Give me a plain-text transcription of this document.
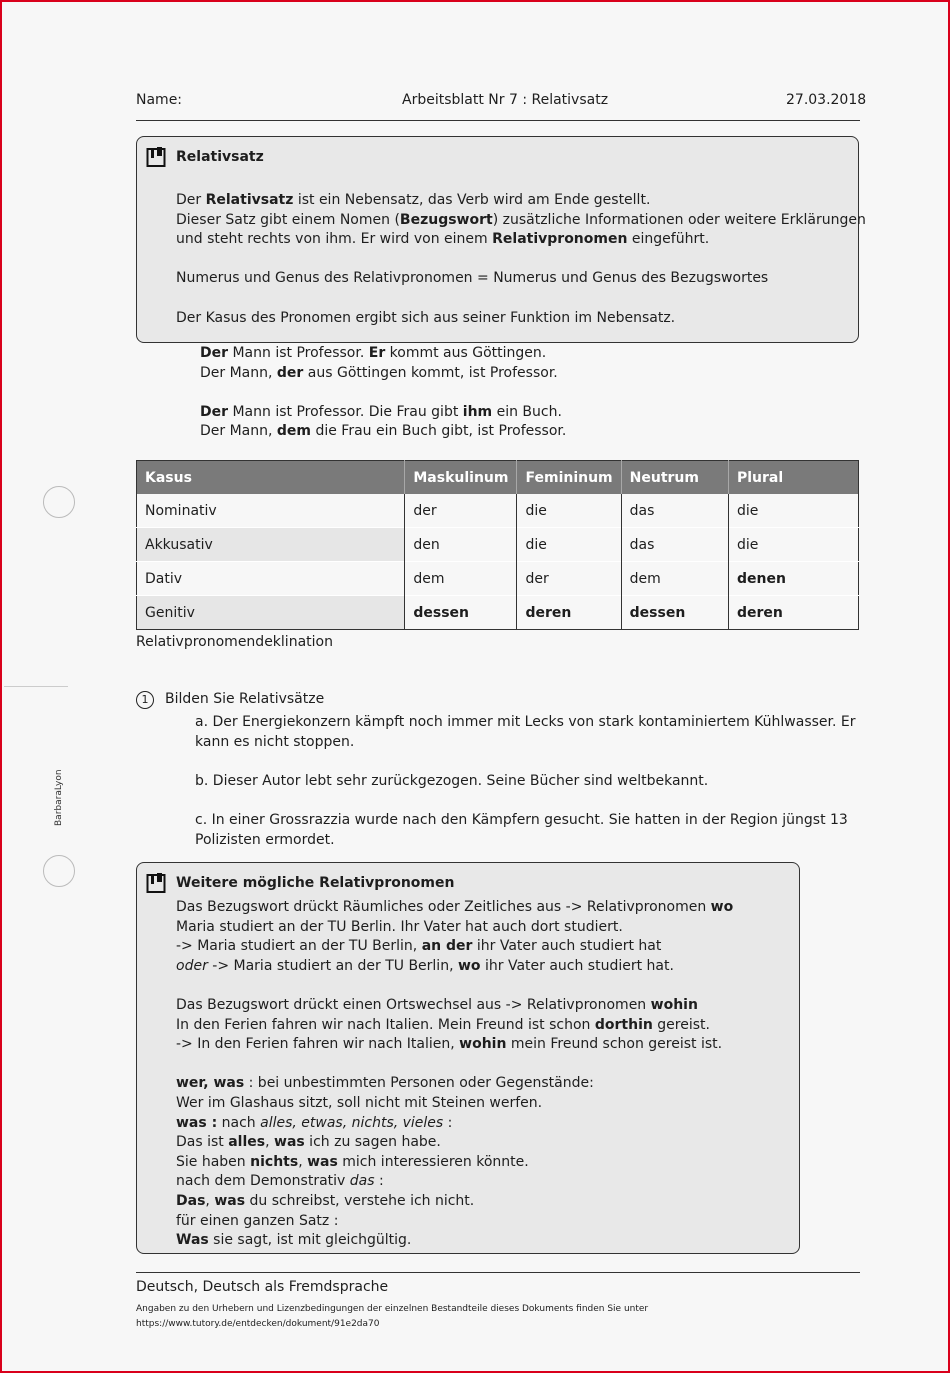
Name:	Arbeitsblatt Nr 7 : Relativsatz	27.03.2018
Relativsatz
Der Relativsatz ist ein Nebensatz, das Verb wird am Ende gestellt.
Dieser Satz gibt einem Nomen (Bezugswort) zusätzliche Informationen oder weitere Erklärungen
und steht rechts von ihm. Er wird von einem Relativpronomen eingeführt.
Numerus und Genus des Relativpronomen = Numerus und Genus des Bezugswortes
Der Kasus des Pronomen ergibt sich aus seiner Funktion im Nebensatz.
Der Mann ist Professor. Er kommt aus Göttingen.
Der Mann, der aus Göttingen kommt, ist Professor.
Der Mann ist Professor. Die Frau gibt ihm ein Buch.
Der Mann, dem die Frau ein Buch gibt, ist Professor.
Kasus	Maskulinum	Femininum	Neutrum	Plural
Nominativ	der	die	das	die
Akkusativ	den	die	das	die
Dativ	dem	der	dem	denen
Genitiv	dessen	deren	dessen	deren
Relativpronomendeklination
BarbaraLyon
1	Bilden Sie Relativsätze
a. Der Energiekonzern kämpft noch immer mit Lecks von stark kontaminiertem Kühlwasser. Er
kann es nicht stoppen.
b. Dieser Autor lebt sehr zurückgezogen. Seine Bücher sind weltbekannt.
c. In einer Grossrazzia wurde nach den Kämpfern gesucht. Sie hatten in der Region jüngst 13
Polizisten ermordet.
Weitere mögliche Relativpronomen
Das Bezugswort drückt Räumliches oder Zeitliches aus -> Relativpronomen wo
Maria studiert an der TU Berlin. Ihr Vater hat auch dort studiert.
-> Maria studiert an der TU Berlin, an der ihr Vater auch studiert hat
oder -> Maria studiert an der TU Berlin, wo ihr Vater auch studiert hat.
Das Bezugswort drückt einen Ortswechsel aus -> Relativpronomen wohin
In den Ferien fahren wir nach Italien. Mein Freund ist schon dorthin gereist.
-> In den Ferien fahren wir nach Italien, wohin mein Freund schon gereist ist.
wer, was : bei unbestimmten Personen oder Gegenstände:
Wer im Glashaus sitzt, soll nicht mit Steinen werfen.
was : nach alles, etwas, nichts, vieles :
Das ist alles, was ich zu sagen habe.
Sie haben nichts, was mich interessieren könnte.
nach dem Demonstrativ das :
Das, was du schreibst, verstehe ich nicht.
für einen ganzen Satz :
Was sie sagt, ist mit gleichgültig.
Deutsch, Deutsch als Fremdsprache
Angaben zu den Urhebern und Lizenzbedingungen der einzelnen Bestandteile dieses Dokuments finden Sie unter
https://www.tutory.de/entdecken/dokument/91e2da70
